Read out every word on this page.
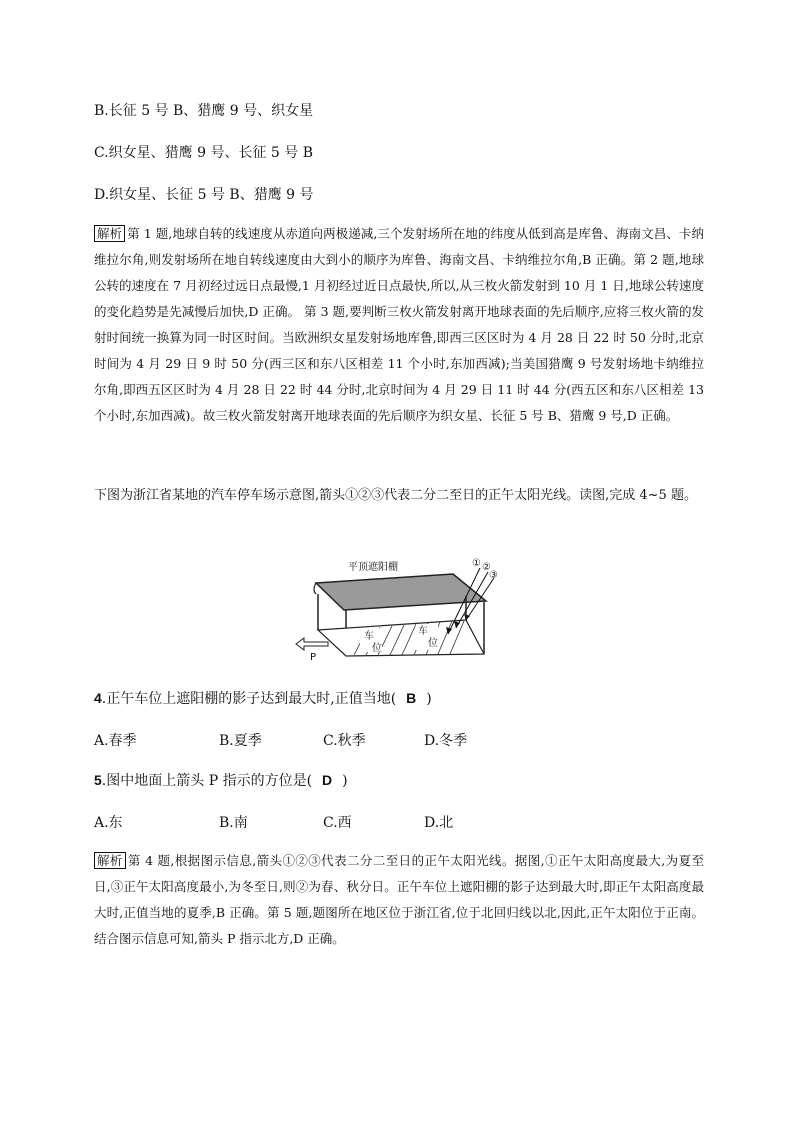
B.长征 5 号 B、猎鹰 9 号、织女星
C.织女星、猎鹰 9 号、长征 5 号 B
D.织女星、长征 5 号 B、猎鹰 9 号
解析 第 1 题,地球自转的线速度从赤道向两极递减,三个发射场所在地的纬度从低到高是库鲁、海南文昌、卡纳维拉尔角,则发射场所在地自转线速度由大到小的顺序为库鲁、海南文昌、卡纳维拉尔角,B 正确。第 2 题,地球公转的速度在 7 月初经过远日点最慢,1 月初经过近日点最快,所以,从三枚火箭发射到 10 月 1 日,地球公转速度的变化趋势是先减慢后加快,D 正确。 第 3 题,要判断三枚火箭发射离开地球表面的先后顺序,应将三枚火箭的发射时间统一换算为同一时区时间。当欧洲织女星发射场地库鲁,即西三区区时为 4 月 28 日 22 时 50 分时,北京时间为 4 月 29 日 9 时 50 分(西三区和东八区相差 11 个小时,东加西减);当美国猎鹰 9 号发射场地卡纳维拉尔角,即西五区区时为 4 月 28 日 22 时 44 分时,北京时间为 4 月 29 日 11 时 44 分(西五区和东八区相差 13 个小时,东加西减)。故三枚火箭发射离开地球表面的先后顺序为织女星、长征 5 号 B、猎鹰 9 号,D 正确。
下图为浙江省某地的汽车停车场示意图,箭头①②③代表二分二至日的正午太阳光线。读图,完成 4~5 题。
平顶遮阳棚
车
位
车
位
① ②
③
P
4.正午车位上遮阳棚的影子达到最大时,正值当地( B )
A.春季	B.夏季	C.秋季	D.冬季
5.图中地面上箭头 P 指示的方位是( D )
A.东	B.南	C.西	D.北
解析 第 4 题,根据图示信息,箭头①②③代表二分二至日的正午太阳光线。据图,①正午太阳高度最大,为夏至日,③正午太阳高度最小,为冬至日,则②为春、秋分日。正午车位上遮阳棚的影子达到最大时,即正午太阳高度最大时,正值当地的夏季,B 正确。第 5 题,题图所在地区位于浙江省,位于北回归线以北,因此,正午太阳位于正南。结合图示信息可知,箭头 P 指示北方,D 正确。
